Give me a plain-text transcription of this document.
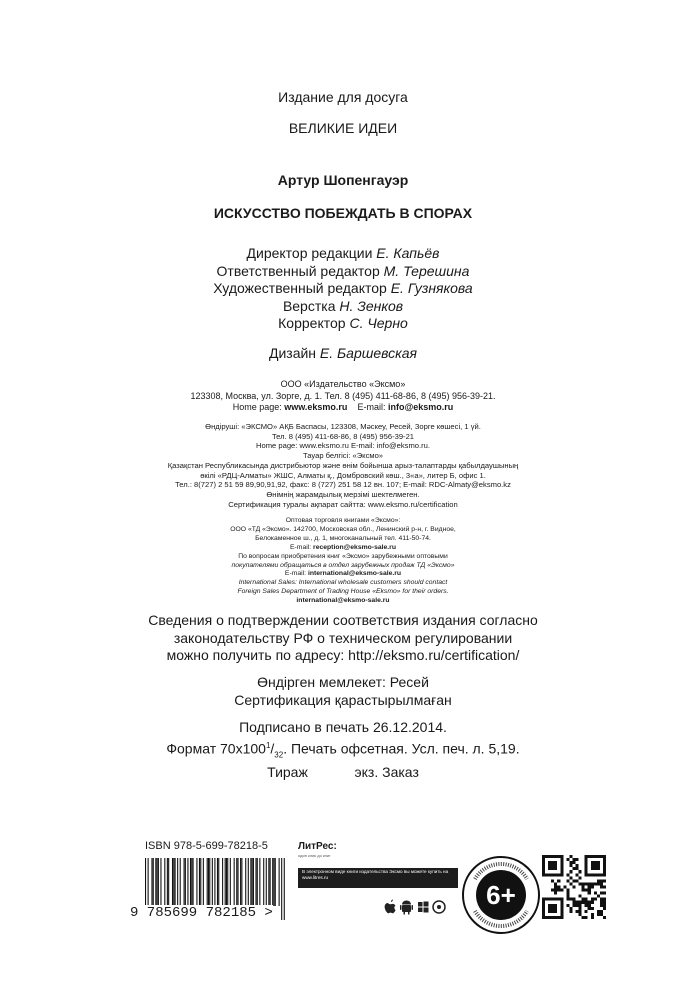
Издание для досуга
ВЕЛИКИЕ ИДЕИ
Артур Шопенгауэр
ИСКУССТВО ПОБЕЖДАТЬ В СПОРАХ
Директор редакции Е. Капьёв
Ответственный редактор М. Терешина
Художественный редактор Е. Гузнякова
Верстка Н. Зенков
Корректор С. Черно
Дизайн Е. Баршевская
ООО «Издательство «Эксмо»
123308, Москва, ул. Зорге, д. 1. Тел. 8 (495) 411-68-86, 8 (495) 956-39-21.
Home page: www.eksmo.ru E-mail: info@eksmo.ru
Өндіруші: «ЭКСМО» АҚБ Баспасы, 123308, Мәскеу, Ресей, Зорге көшесі, 1 үй.
Тел. 8 (495) 411-68-86, 8 (495) 956-39-21
Home page: www.eksmo.ru E-mail: info@eksmo.ru.
Тауар белгісі: «Эксмо»
Қазақстан Республикасында дистрибьютор және өнім бойынша арыз-талаптарды қабылдаушының
өкілі «РДЦ-Алматы» ЖШС, Алматы қ., Домбровский көш., 3«а», литер Б, офис 1.
Тел.: 8(727) 2 51 59 89,90,91,92, факс: 8 (727) 251 58 12 вн. 107; E-mail: RDC-Almaty@eksmo.kz
Өнімнің жарамдылық мерзімі шектелмеген.
Сертификация туралы ақпарат сайтта: www.eksmo.ru/certification
Оптовая торговля книгами «Эксмо»:
ООО «ТД «Эксмо». 142700, Московская обл., Ленинский р-н, г. Видное,
Белокаменное ш., д. 1, многоканальный тел. 411-50-74.
E-mail: reception@eksmo-sale.ru
По вопросам приобретения книг «Эксмо» зарубежными оптовыми
покупателями обращаться в отдел зарубежных продаж ТД «Эксмо»
E-mail: international@eksmo-sale.ru
International Sales: International wholesale customers should contact
Foreign Sales Department of Trading House «Eksmo» for their orders.
international@eksmo-sale.ru
Сведения о подтверждении соответствия издания согласно
законодательству РФ о техническом регулировании
можно получить по адресу: http://eksmo.ru/certification/
Өндірген мемлекет: Ресей
Сертификация қарастырылмаған
Подписано в печать 26.12.2014.
Формат $70x100^1/_{32}$. Печать офсетная. Усл. печ. л. 5,19.
Тираж            экз. Заказ
ISBN 978-5-699-78218-5
9 785699 782185 >
ЛитРес:
один клик до книг
В электронном виде книги издательства Эксмо вы можете купить на www.litres.ru
6+
